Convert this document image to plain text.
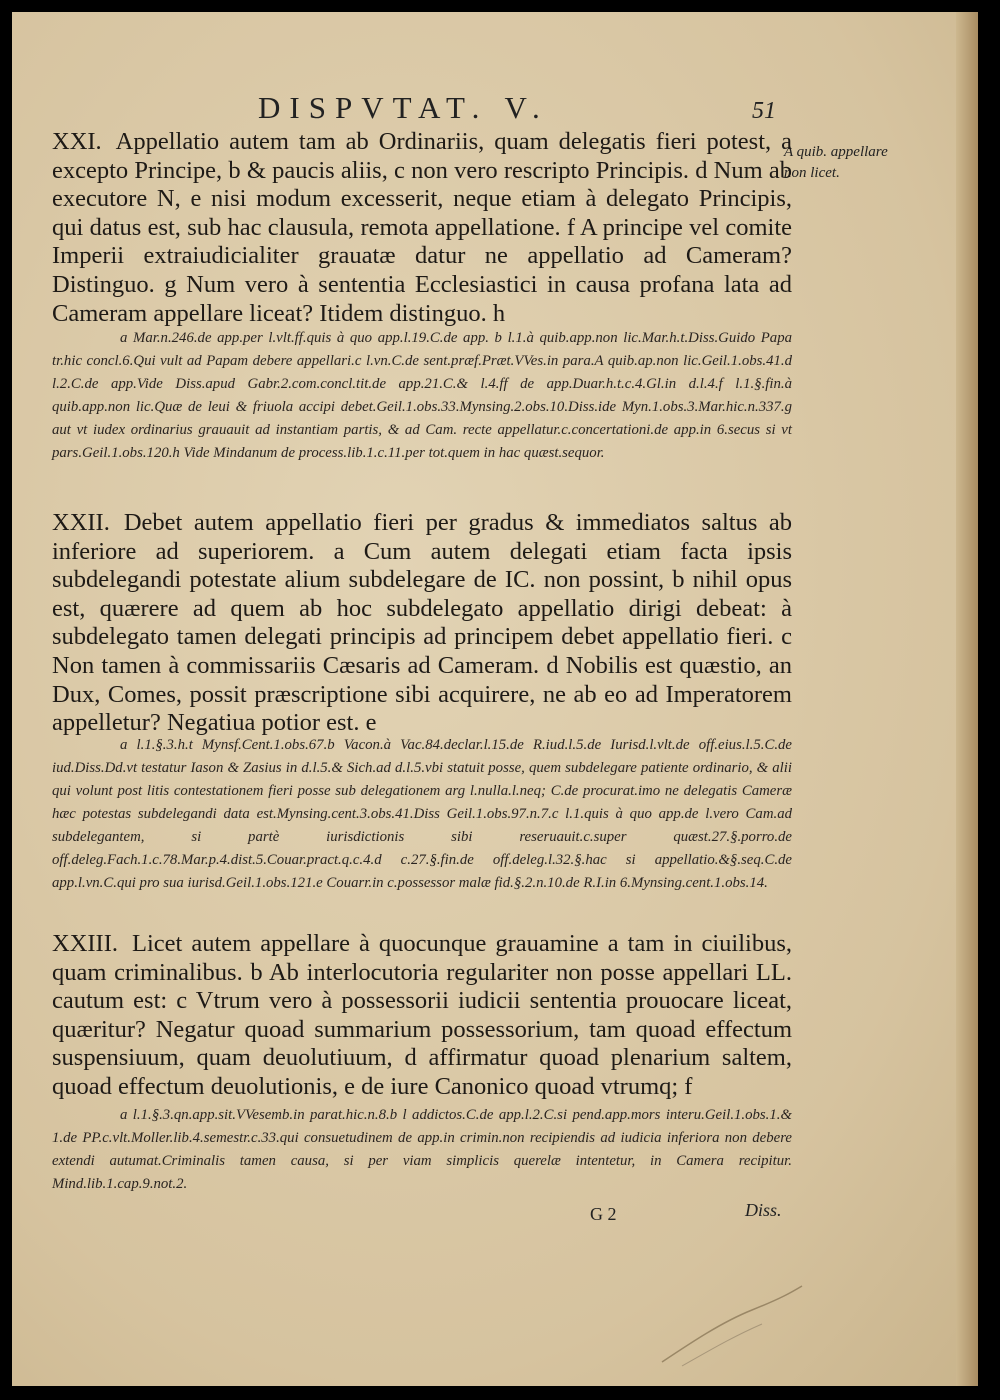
DISPVTAT. V.	51
A quib. appellare non licet.

XXI. Appellatio autem tam ab Ordinariis, quam delegatis fieri potest, a excepto Principe, b & paucis aliis, c non vero rescripto Principis. d Num ab executore N, e nisi modum excesserit, neque etiam à delegato Principis, qui datus est, sub hac clausula, remota appellatione. f A principe vel comite Imperii extraiudicialiter grauatæ datur ne appellatio ad Cameram? Distinguo. g Num vero à sententia Ecclesiastici in causa profana lata ad Cameram appellare liceat? Itidem distinguo. h

a Mar.n.246.de app.per l.vlt.ff.quis à quo app.l.19.C.de app. b l.1.à quib.app.non lic.Mar.h.t.Diss.Guido Papa tr.hic concl.6.Qui vult ad Papam debere appellari.c l.vn.C.de sent.præf.Præt.VVes.in para.A quib.ap.non lic.Geil.1.obs.41.d l.2.C.de app.Vide Diss.apud Gabr.2.com.concl.tit.de app.21.C.& l.4.ff de app.Duar.h.t.c.4.Gl.in d.l.4.f l.1.§.fin.à quib.app.non lic.Quæ de leui & friuola accipi debet.Geil.1.obs.33.Mynsing.2.obs.10.Diss.ide Myn.1.obs.3.Mar.hic.n.337.g aut vt iudex ordinarius grauauit ad instantiam partis, & ad Cam. recte appellatur.c.concertationi.de app.in 6.secus si vt pars.Geil.1.obs.120.h Vide Mindanum de process.lib.1.c.11.per tot.quem in hac quæst.sequor.

XXII. Debet autem appellatio fieri per gradus & immediatos saltus ab inferiore ad superiorem. a Cum autem delegati etiam facta ipsis subdelegandi potestate alium subdelegare de IC. non possint, b nihil opus est, quærere ad quem ab hoc subdelegato appellatio dirigi debeat: à subdelegato tamen delegati principis ad principem debet appellatio fieri. c Non tamen à commissariis Cæsaris ad Cameram. d Nobilis est quæstio, an Dux, Comes, possit præscriptione sibi acquirere, ne ab eo ad Imperatorem appelletur? Negatiua potior est. e

a l.1.§.3.h.t Mynsf.Cent.1.obs.67.b Vacon.à Vac.84.declar.l.15.de R.iud.l.5.de Iurisd.l.vlt.de off.eius.l.5.C.de iud.Diss.Dd.vt testatur Iason & Zasius in d.l.5.& Sich.ad d.l.5.vbi statuit posse, quem subdelegare patiente ordinario, & alii qui volunt post litis contestationem fieri posse sub delegationem arg l.nulla.l.neq; C.de procurat.imo ne delegatis Cameræ hæc potestas subdelegandi data est.Mynsing.cent.3.obs.41.Diss Geil.1.obs.97.n.7.c l.1.quis à quo app.de l.vero Cam.ad subdelegantem, si partè iurisdictionis sibi reseruauit.c.super quæst.27.§.porro.de off.deleg.Fach.1.c.78.Mar.p.4.dist.5.Couar.pract.q.c.4.d c.27.§.fin.de off.deleg.l.32.§.hac si appellatio.&§.seq.C.de app.l.vn.C.qui pro sua iurisd.Geil.1.obs.121.e Couarr.in c.possessor malæ fid.§.2.n.10.de R.I.in 6.Mynsing.cent.1.obs.14.

XXIII. Licet autem appellare à quocunque grauamine a tam in ciuilibus, quam criminalibus. b Ab interlocutoria regulariter non posse appellari LL. cautum est: c Vtrum vero à possessorii iudicii sententia prouocare liceat, quæritur? Negatur quoad summarium possessorium, tam quoad effectum suspensiuum, quam deuolutiuum, d affirmatur quoad plenarium saltem, quoad effectum deuolutionis, e de iure Canonico quoad vtrumq; f

a l.1.§.3.qn.app.sit.VVesemb.in parat.hic.n.8.b l addictos.C.de app.l.2.C.si pend.app.mors interu.Geil.1.obs.1.& 1.de PP.c.vlt.Moller.lib.4.semestr.c.33.qui consuetudinem de app.in crimin.non recipiendis ad iudicia inferiora non debere extendi autumat.Criminalis tamen causa, si per viam simplicis querelæ intentetur, in Camera recipitur. Mind.lib.1.cap.9.not.2.

G 2	Diss.
